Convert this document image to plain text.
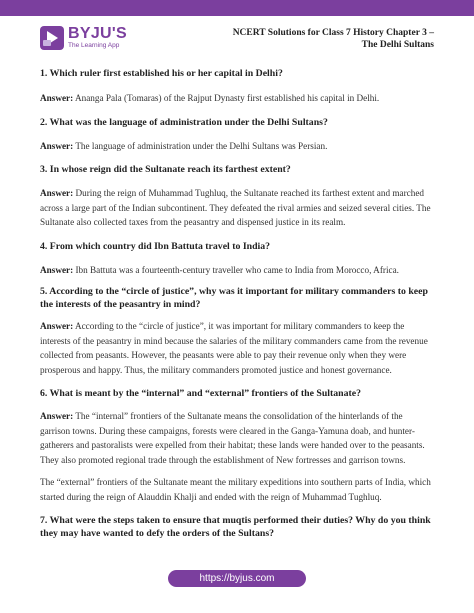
BYJU'S
The Learning App
NCERT Solutions for Class 7 History Chapter 3 –
The Delhi Sultans

1. Which ruler first established his or her capital in Delhi?

Answer: Ananga Pala (Tomaras) of the Rajput Dynasty first established his capital in Delhi.

2. What was the language of administration under the Delhi Sultans?

Answer: The language of administration under the Delhi Sultans was Persian.

3. In whose reign did the Sultanate reach its farthest extent?

Answer: During the reign of Muhammad Tughluq, the Sultanate reached its farthest extent and marched across a large part of the Indian subcontinent. They defeated the rival armies and seized several cities. The Sultanate also collected taxes from the peasantry and dispensed justice in its realm.

4. From which country did Ibn Battuta travel to India?

Answer: Ibn Battuta was a fourteenth-century traveller who came to India from Morocco, Africa.

5. According to the “circle of justice”, why was it important for military commanders to keep the interests of the peasantry in mind?

Answer: According to the “circle of justice”, it was important for military commanders to keep the interests of the peasantry in mind because the salaries of the military commanders came from the revenue collected from peasants. However, the peasants were able to pay their revenue only when they were prosperous and happy. Thus, the military commanders promoted justice and honest governance.

6. What is meant by the “internal” and “external” frontiers of the Sultanate?

Answer: The “internal” frontiers of the Sultanate means the consolidation of the hinterlands of the garrison towns. During these campaigns, forests were cleared in the Ganga-Yamuna doab, and hunter-gatherers and pastoralists were expelled from their habitat; these lands were handed over to the peasants. They also promoted regional trade through the establishment of New fortresses and garrison towns.

The “external” frontiers of the Sultanate meant the military expeditions into southern parts of India, which started during the reign of Alauddin Khalji and ended with the reign of Muhammad Tughluq.

7. What were the steps taken to ensure that muqtis performed their duties? Why do you think they may have wanted to defy the orders of the Sultans?

https://byjus.com
